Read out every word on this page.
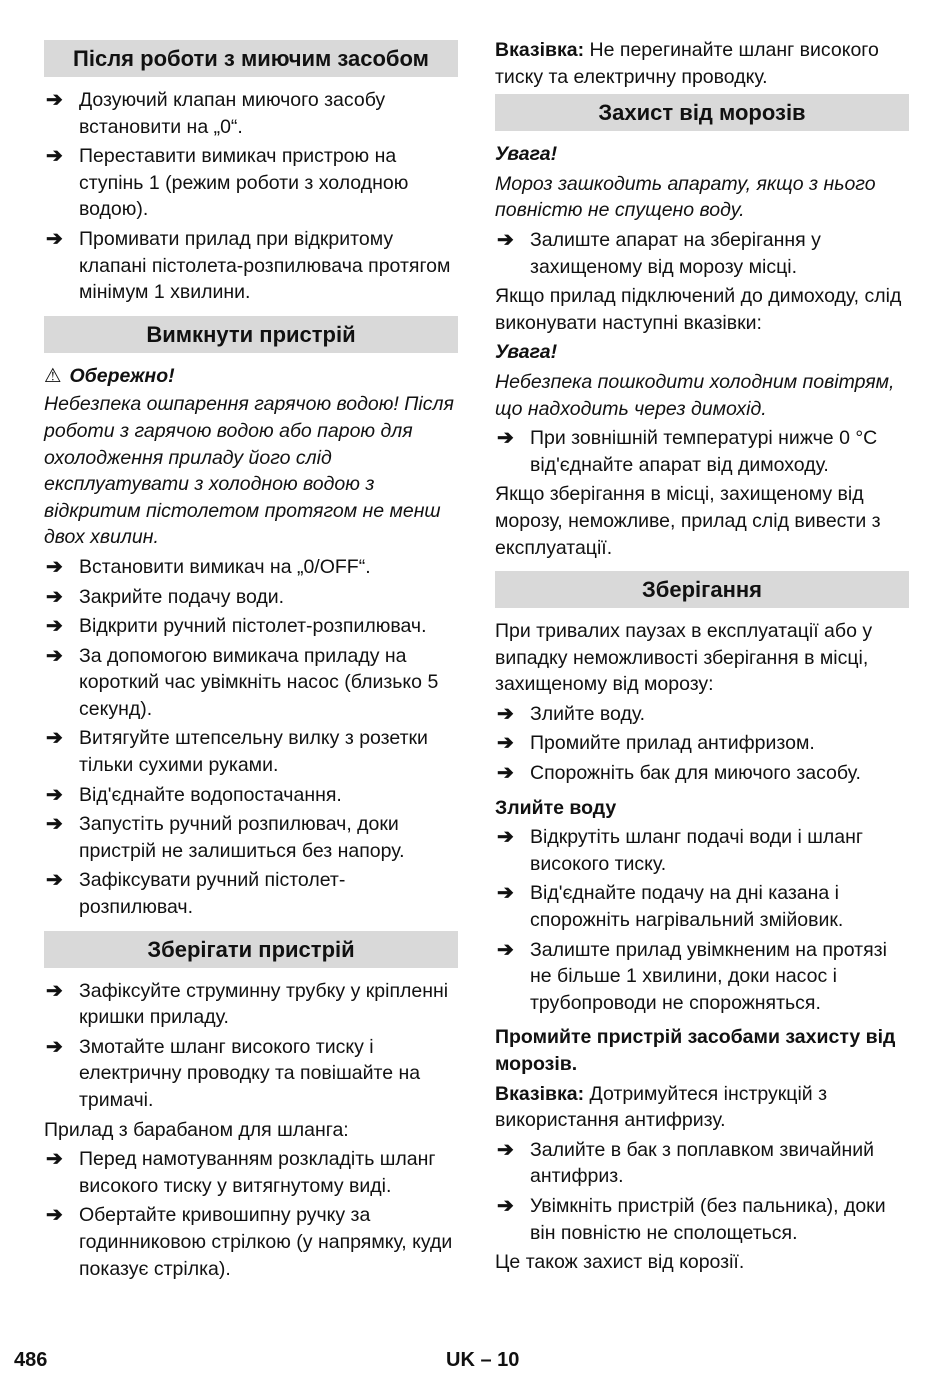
Після роботи з миючим засобом
➔ Дозуючий клапан миючого засобу встановити на „0“.
➔ Переставити вимикач пристрою на ступінь 1 (режим роботи з холодною водою).
➔ Промивати прилад при відкритому клапані пістолета-розпилювача протягом мінімум 1 хвилини.
Вимкнути пристрій
⚠ Обережно!
Небезпека ошпарення гарячою водою! Після роботи з гарячою водою або парою для охолодження приладу його слід експлуатувати з холодною водою з відкритим пістолетом протягом не менш двох хвилин.
➔ Встановити вимикач на „0/OFF“.
➔ Закрийте подачу води.
➔ Відкрити ручний пістолет-розпилювач.
➔ За допомогою вимикача приладу на короткий час увімкніть насос (близько 5 секунд).
➔ Витягуйте штепсельну вилку з розетки тільки сухими руками.
➔ Від'єднайте водопостачання.
➔ Запустіть ручний розпилювач, доки пристрій не залишиться без напору.
➔ Зафіксувати ручний пістолет-розпилювач.
Зберігати пристрій
➔ Зафіксуйте струминну трубку у кріпленні кришки приладу.
➔ Змотайте шланг високого тиску і електричну проводку та повішайте на тримачі.
Прилад з барабаном для шланга:
➔ Перед намотуванням розкладіть шланг високого тиску у витягнутому виді.
➔ Обертайте кривошипну ручку за годинниковою стрілкою (у напрямку, куди показує стрілка).
Вказівка: Не перегинайте шланг високого тиску та електричну проводку.
Захист від морозів
Увага!
Мороз зашкодить апарату, якщо з нього повністю не спущено воду.
➔ Залиште апарат на зберігання у захищеному від морозу місці.
Якщо прилад підключений до димоходу, слід виконувати наступні вказівки:
Увага!
Небезпека пошкодити холодним повітрям, що надходить через димохід.
➔ При зовнішній температурі нижче 0 °C від'єднайте апарат від димоходу.
Якщо зберігання в місці, захищеному від морозу, неможливе, прилад слід вивести з експлуатації.
Зберігання
При тривалих паузах в експлуатації або у випадку неможливості зберігання в місці, захищеному від морозу:
➔ Злийте воду.
➔ Промийте прилад антифризом.
➔ Спорожніть бак для миючого засобу.
Злийте воду
➔ Відкрутіть шланг подачі води і шланг високого тиску.
➔ Від'єднайте подачу на дні казана і спорожніть нагрівальний змійовик.
➔ Залиште прилад увімкненим на протязі не більше 1 хвилини, доки насос і трубопроводи не спорожняться.
Промийте пристрій засобами захисту від морозів.
Вказівка: Дотримуйтеся інструкцій з використання антифризу.
➔ Залийте в бак з поплавком звичайний антифриз.
➔ Увімкніть пристрій (без пальника), доки він повністю не сполощеться.
Це також захист від корозії.
486	UK – 10
